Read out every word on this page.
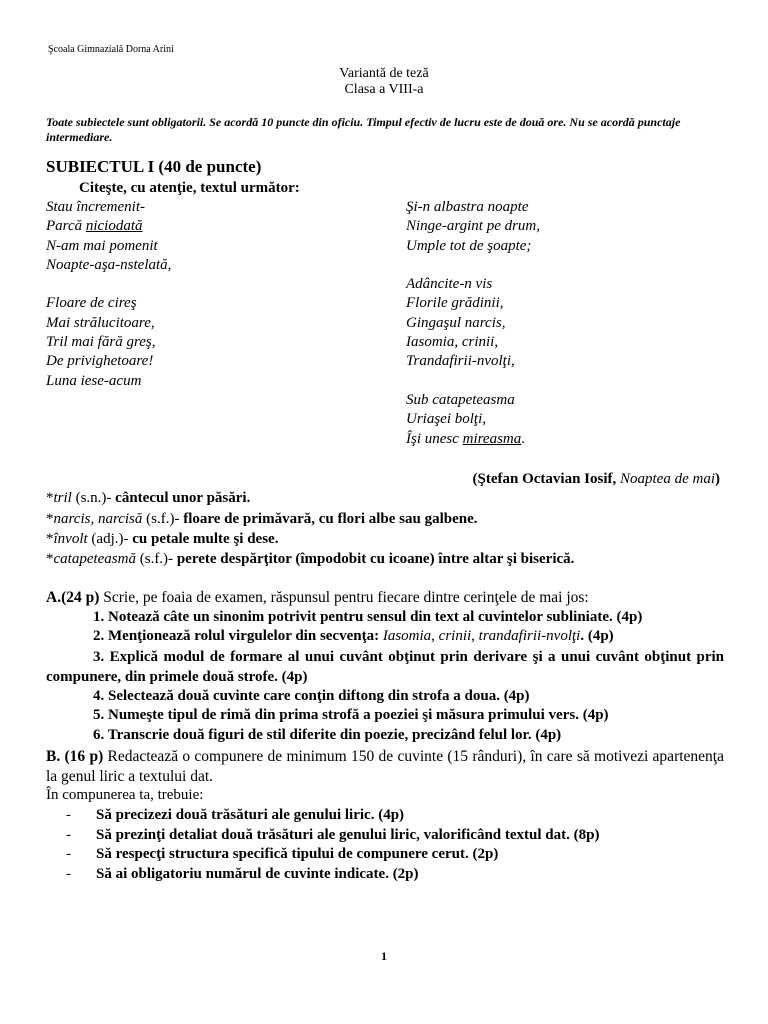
Şcoala Gimnazială Dorna Arini
Variantă de teză
Clasa a VIII-a
Toate subiectele sunt obligatorii. Se acordă 10 puncte din oficiu. Timpul efectiv de lucru este de două ore. Nu se acordă punctaje intermediare.
SUBIECTUL I (40 de puncte)
Citeşte, cu atenţie, textul următor:
Stau încremenit-
Parcă niciodată
N-am mai pomenit
Noapte-aşa-nstelată,
Floare de cireş
Mai strălucitoare,
Tril mai fără greş,
De privighetoare!
Luna iese-acum
Şi-n albastra noapte
Ninge-argint pe drum,
Umple tot de şoapte;
Adâncite-n vis
Florile grădinii,
Gingaşul narcis,
Iasomia, crinii,
Trandafirii-nvolţi,
Sub catapeteasma
Uriaşei bolţi,
Îşi unesc mireasma.
(Ştefan Octavian Iosif, Noaptea de mai)
*tril (s.n.)- cântecul unor păsări.
*narcis, narcisă (s.f.)- floare de primăvară, cu flori albe sau galbene.
*învolt (adj.)- cu petale multe şi dese.
*catapeteasmă (s.f.)- perete despărţitor (împodobit cu icoane) între altar şi biserică.
A.(24 p) Scrie, pe foaia de examen, răspunsul pentru fiecare dintre cerinţele de mai jos:
1. Notează câte un sinonim potrivit pentru sensul din text al cuvintelor subliniate. (4p)
2. Menţionează rolul virgulelor din secvenţa: Iasomia, crinii, trandafirii-nvolţi. (4p)
3. Explică modul de formare al unui cuvânt obţinut prin derivare şi a unui cuvânt obţinut prin compunere, din primele două strofe. (4p)
4. Selectează două cuvinte care conţin diftong din strofa a doua. (4p)
5. Numeşte tipul de rimă din prima strofă a poeziei şi măsura primului vers. (4p)
6. Transcrie două figuri de stil diferite din poezie, precizând felul lor. (4p)
B. (16 p) Redactează o compunere de minimum 150 de cuvinte (15 rânduri), în care să motivezi apartenenţa la genul liric a textului dat.
În compunerea ta, trebuie:
- Să precizezi două trăsături ale genului liric. (4p)
- Să prezinţi detaliat două trăsături ale genului liric, valorificând textul dat. (8p)
- Să respecţi structura specifică tipului de compunere cerut. (2p)
- Să ai obligatoriu numărul de cuvinte indicate. (2p)
1
